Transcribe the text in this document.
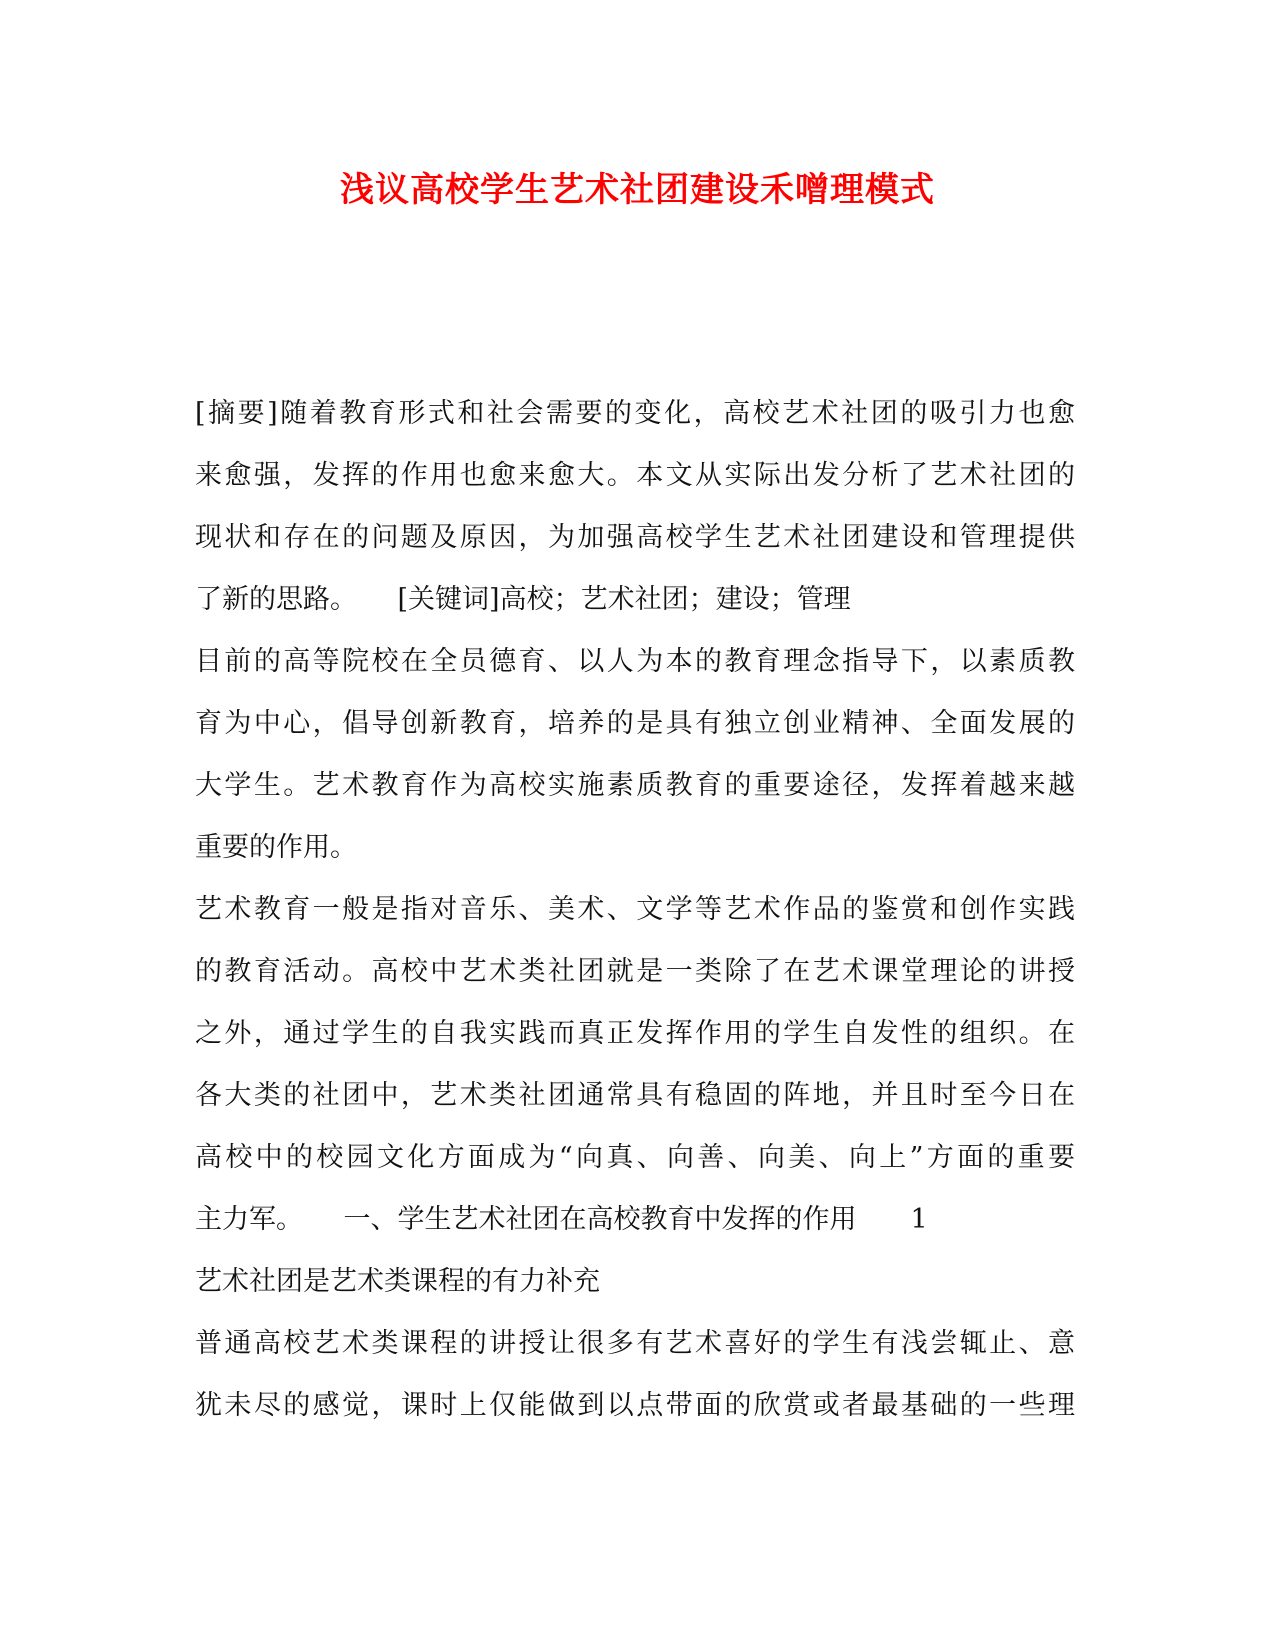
浅议高校学生艺术社团建设禾噌理模式
[摘要]随着教育形式和社会需要的变化，高校艺术社团的吸引力也愈
来愈强，发挥的作用也愈来愈大。本文从实际出发分析了艺术社团的
现状和存在的问题及原因，为加强高校学生艺术社团建设和管理提供
了新的思路。　　[关键词]高校；艺术社团；建设；管理
目前的高等院校在全员德育、以人为本的教育理念指导下，以素质教
育为中心，倡导创新教育，培养的是具有独立创业精神、全面发展的
大学生。艺术教育作为高校实施素质教育的重要途径，发挥着越来越
重要的作用。
艺术教育一般是指对音乐、美术、文学等艺术作品的鉴赏和创作实践
的教育活动。高校中艺术类社团就是一类除了在艺术课堂理论的讲授
之外，通过学生的自我实践而真正发挥作用的学生自发性的组织。在
各大类的社团中，艺术类社团通常具有稳固的阵地，并且时至今日在
高校中的校园文化方面成为“向真、向善、向美、向上”方面的重要
主力军。　　一、学生艺术社团在高校教育中发挥的作用　　1
艺术社团是艺术类课程的有力补充
普通高校艺术类课程的讲授让很多有艺术喜好的学生有浅尝辄止、意
犹未尽的感觉，课时上仅能做到以点带面的欣赏或者最基础的一些理
